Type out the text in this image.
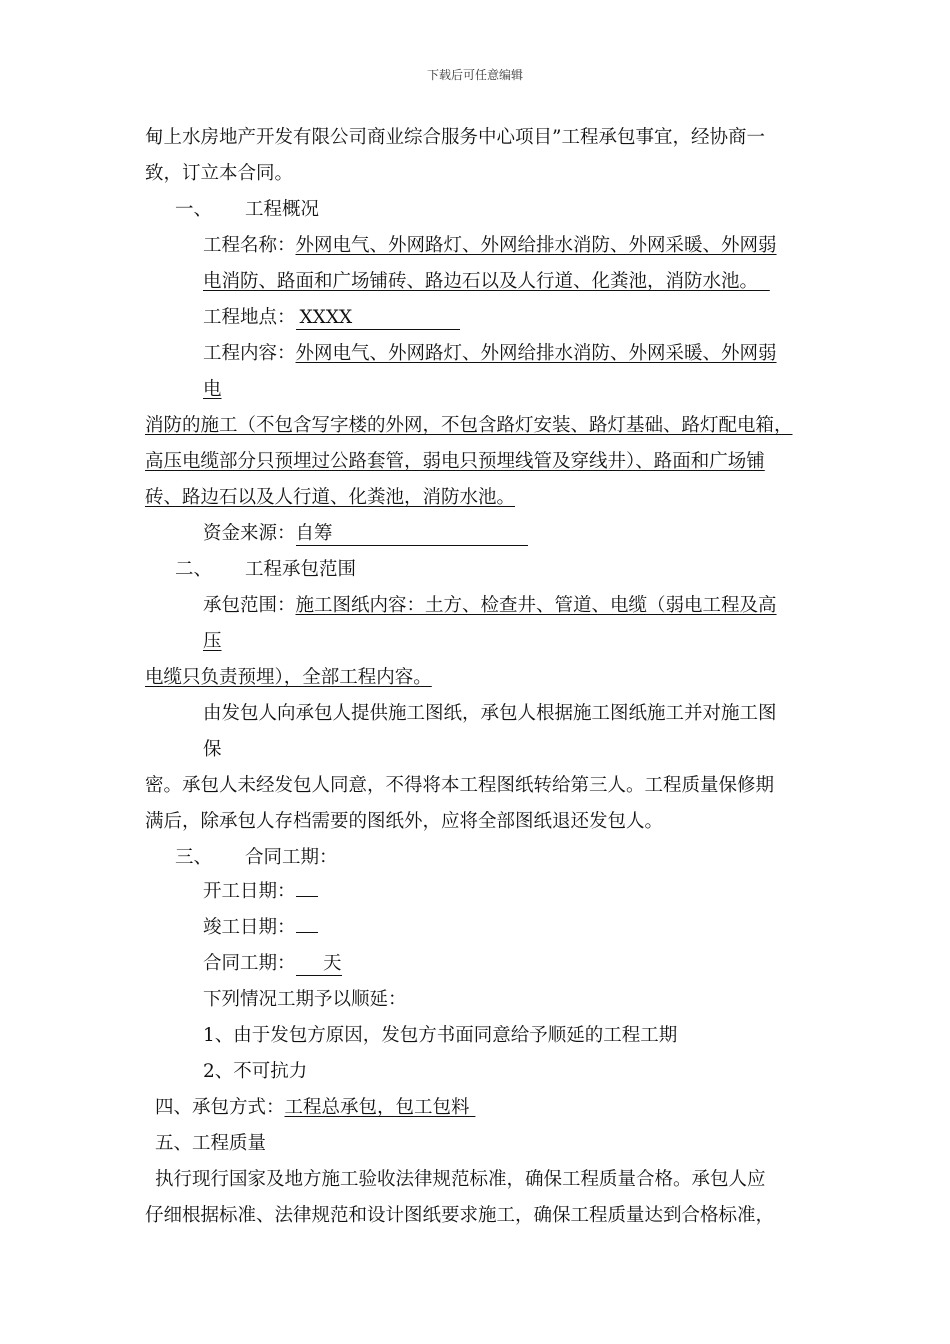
下载后可任意编辑
甸上水房地产开发有限公司商业综合服务中心项目”工程承包事宜，经协商一
致，订立本合同。
一、 工程概况
工程名称：外网电气、外网路灯、外网给排水消防、外网采暖、外网弱
电消防、路面和广场铺砖、路边石以及人行道、化粪池，消防水池。
工程地点： XXXX
工程内容：外网电气、外网路灯、外网给排水消防、外网采暖、外网弱
电
消防的施工（不包含写字楼的外网，不包含路灯安装、路灯基础、路灯配电箱，
高压电缆部分只预埋过公路套管，弱电只预埋线管及穿线井）、路面和广场铺
砖、路边石以及人行道、化粪池，消防水池。
资金来源：自筹
二、 工程承包范围
承包范围：施工图纸内容：土方、检查井、管道、电缆（弱电工程及高
压
电缆只负责预埋），全部工程内容。
由发包人向承包人提供施工图纸，承包人根据施工图纸施工并对施工图
保
密。承包人未经发包人同意，不得将本工程图纸转给第三人。工程质量保修期
满后，除承包人存档需要的图纸外，应将全部图纸退还发包人。
三、 合同工期：
开工日期：
竣工日期：
合同工期： 天
下列情况工期予以顺延：
1、由于发包方原因，发包方书面同意给予顺延的工程工期
2、不可抗力
四、承包方式：工程总承包，包工包料
五、工程质量
执行现行国家及地方施工验收法律规范标准，确保工程质量合格。承包人应
仔细根据标准、法律规范和设计图纸要求施工，确保工程质量达到合格标准，
